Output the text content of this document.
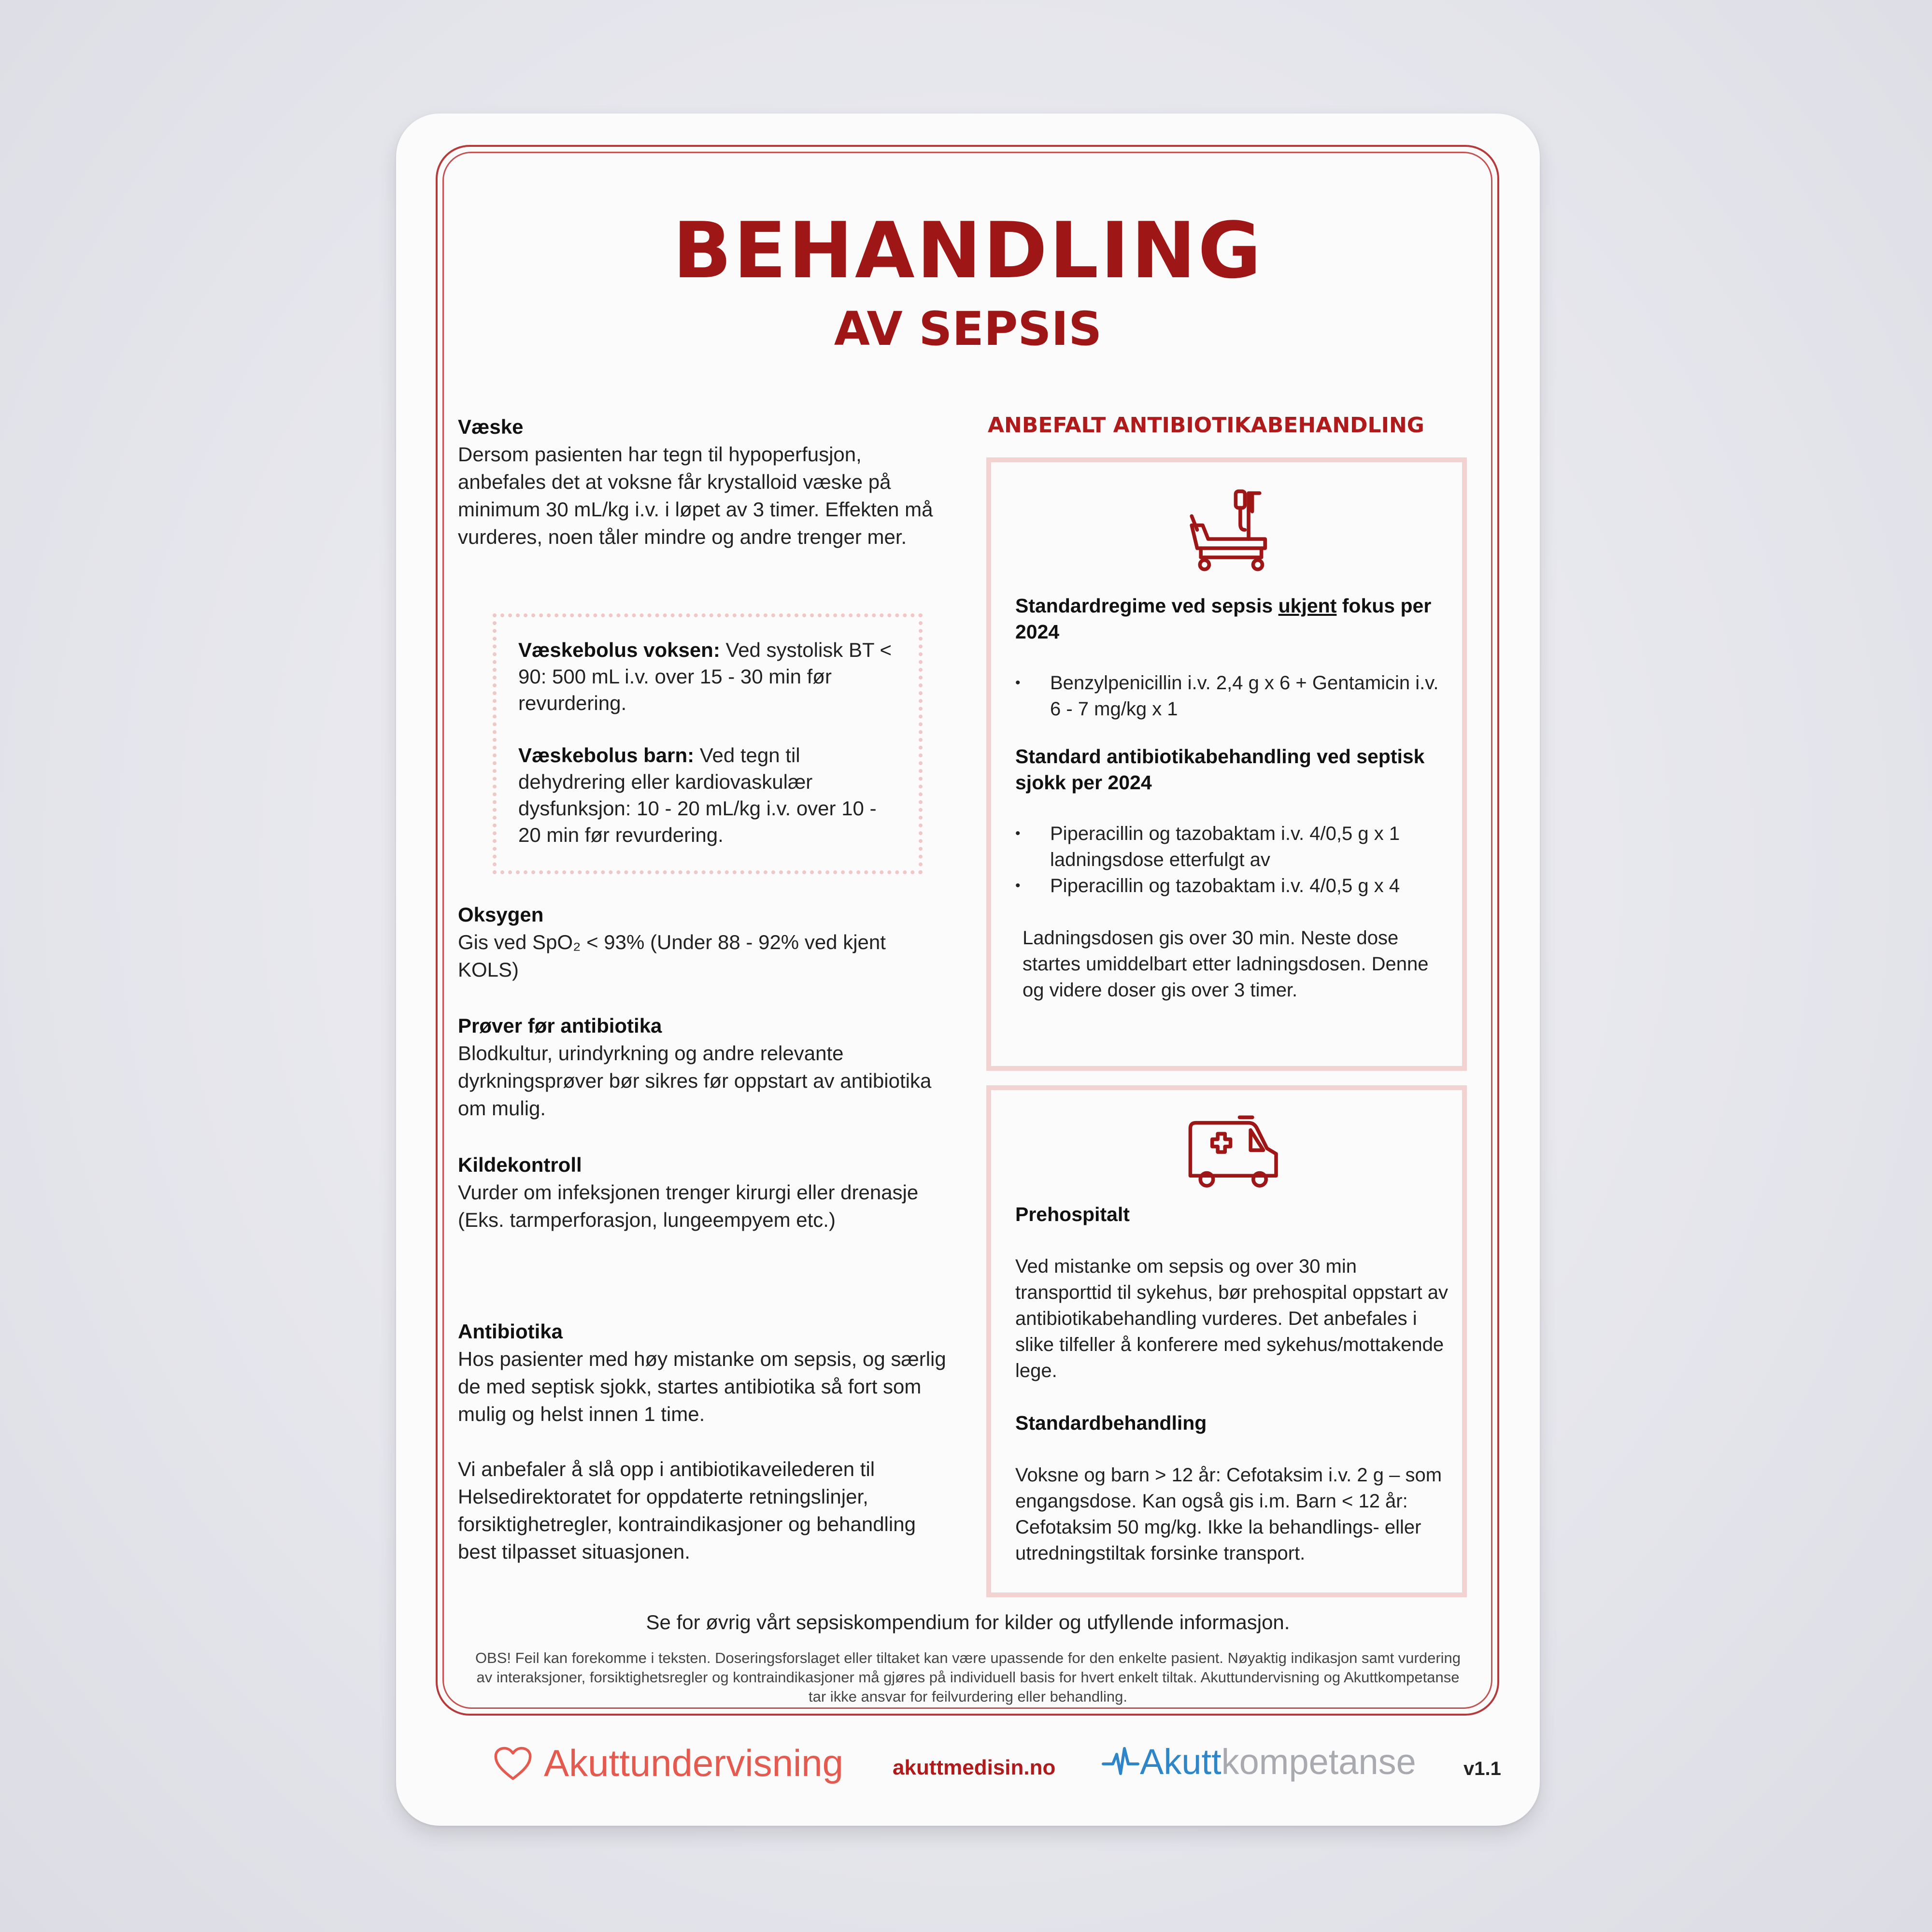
BEHANDLING
AV SEPSIS
Væske

Dersom pasienten har tegn til hypoperfusjon, anbefales det at voksne får krystalloid væske på minimum 30 mL/kg i.v. i løpet av 3 timer. Effekten må vurderes, noen tåler mindre og andre trenger mer.

Væskebolus voksen: Ved systolisk BT < 90: 500 mL i.v. over 15 - 30 min før revurdering.

Væskebolus barn: Ved tegn til dehydrering eller kardiovaskulær dysfunksjon: 10 - 20 mL/kg i.v. over 10 - 20 min før revurdering.

Oksygen

Gis ved SpO₂ < 93% (Under 88 - 92% ved kjent KOLS)

Prøver før antibiotika

Blodkultur, urindyrkning og andre relevante dyrkningsprøver bør sikres før oppstart av antibiotika om mulig.

Kildekontroll

Vurder om infeksjonen trenger kirurgi eller drenasje (Eks. tarmperforasjon, lungeempyem etc.)

Antibiotika

Hos pasienter med høy mistanke om sepsis, og særlig de med septisk sjokk, startes antibiotika så fort som mulig og helst innen 1 time.

Vi anbefaler å slå opp i antibiotikaveilederen til Helsedirektoratet for oppdaterte retningslinjer, forsiktighetregler, kontraindikasjoner og behandling best tilpasset situasjonen.

ANBEFALT ANTIBIOTIKABEHANDLING
Standardregime ved sepsis ukjent fokus per 2024
• Benzylpenicillin i.v. 2,4 g x 6 + Gentamicin i.v. 6 - 7 mg/kg x 1
Standard antibiotikabehandling ved septisk sjokk per 2024
• Piperacillin og tazobaktam i.v. 4/0,5 g x 1 ladningsdose etterfulgt av
• Piperacillin og tazobaktam i.v. 4/0,5 g x 4

Ladningsdosen gis over 30 min. Neste dose startes umiddelbart etter ladningsdosen. Denne og videre doser gis over 3 timer.

Prehospitalt

Ved mistanke om sepsis og over 30 min transporttid til sykehus, bør prehospital oppstart av antibiotikabehandling vurderes. Det anbefales i slike tilfeller å konferere med sykehus/mottakende lege.

Standardbehandling

Voksne og barn > 12 år: Cefotaksim i.v. 2 g – som engangsdose. Kan også gis i.m. Barn < 12 år: Cefotaksim 50 mg/kg. Ikke la behandlings- eller utredningstiltak forsinke transport.

Se for øvrig vårt sepsiskompendium for kilder og utfyllende informasjon.
OBS! Feil kan forekomme i teksten. Doseringsforslaget eller tiltaket kan være upassende for den enkelte pasient. Nøyaktig indikasjon samt vurdering av interaksjoner, forsiktighetsregler og kontraindikasjoner må gjøres på individuell basis for hvert enkelt tiltak. Akuttundervisning og Akuttkompetanse tar ikke ansvar for feilvurdering eller behandling.
Akuttundervisning akuttmedisin.no Akutt kompetanse v1.1
